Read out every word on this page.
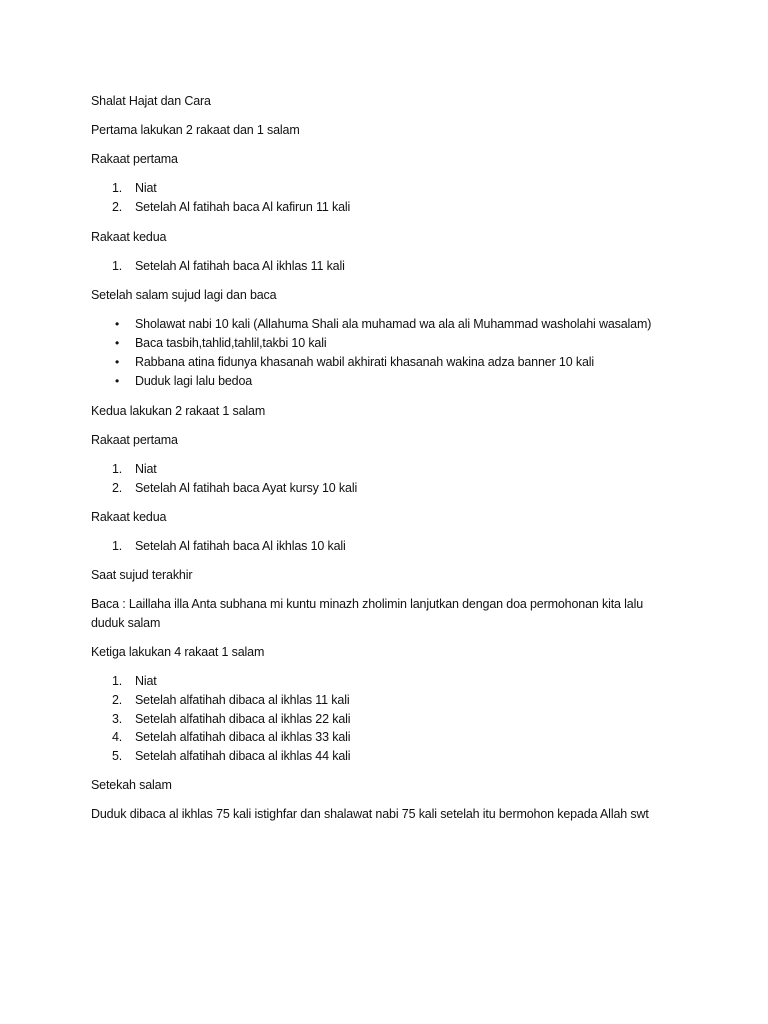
Shalat Hajat dan Cara
Pertama lakukan 2 rakaat dan 1 salam
Rakaat pertama
1.	Niat
2.	Setelah Al fatihah baca Al kafirun 11 kali
Rakaat kedua
1.	Setelah Al fatihah baca Al ikhlas 11 kali
Setelah salam sujud lagi dan baca
• Sholawat nabi 10 kali (Allahuma Shali ala muhamad wa ala ali Muhammad washolahi wasalam)
• Baca tasbih,tahlid,tahlil,takbi 10 kali
• Rabbana atina fidunya khasanah wabil akhirati khasanah wakina adza banner 10 kali
• Duduk lagi lalu bedoa
Kedua lakukan 2 rakaat 1 salam
Rakaat pertama
1.	Niat
2.	Setelah Al fatihah baca Ayat kursy 10 kali
Rakaat kedua
1.	Setelah Al fatihah baca Al ikhlas 10 kali
Saat sujud terakhir
Baca : Laillaha illa Anta subhana mi kuntu minazh zholimin lanjutkan dengan doa permohonan kita lalu duduk salam
Ketiga lakukan 4 rakaat 1 salam
1.	Niat
2.	Setelah alfatihah dibaca al ikhlas 11 kali
3.	Setelah alfatihah dibaca al ikhlas 22 kali
4.	Setelah alfatihah dibaca al ikhlas 33 kali
5.	Setelah alfatihah dibaca al ikhlas 44 kali
Setekah salam
Duduk dibaca al ikhlas 75 kali istighfar dan shalawat nabi 75 kali setelah itu bermohon kepada Allah swt
